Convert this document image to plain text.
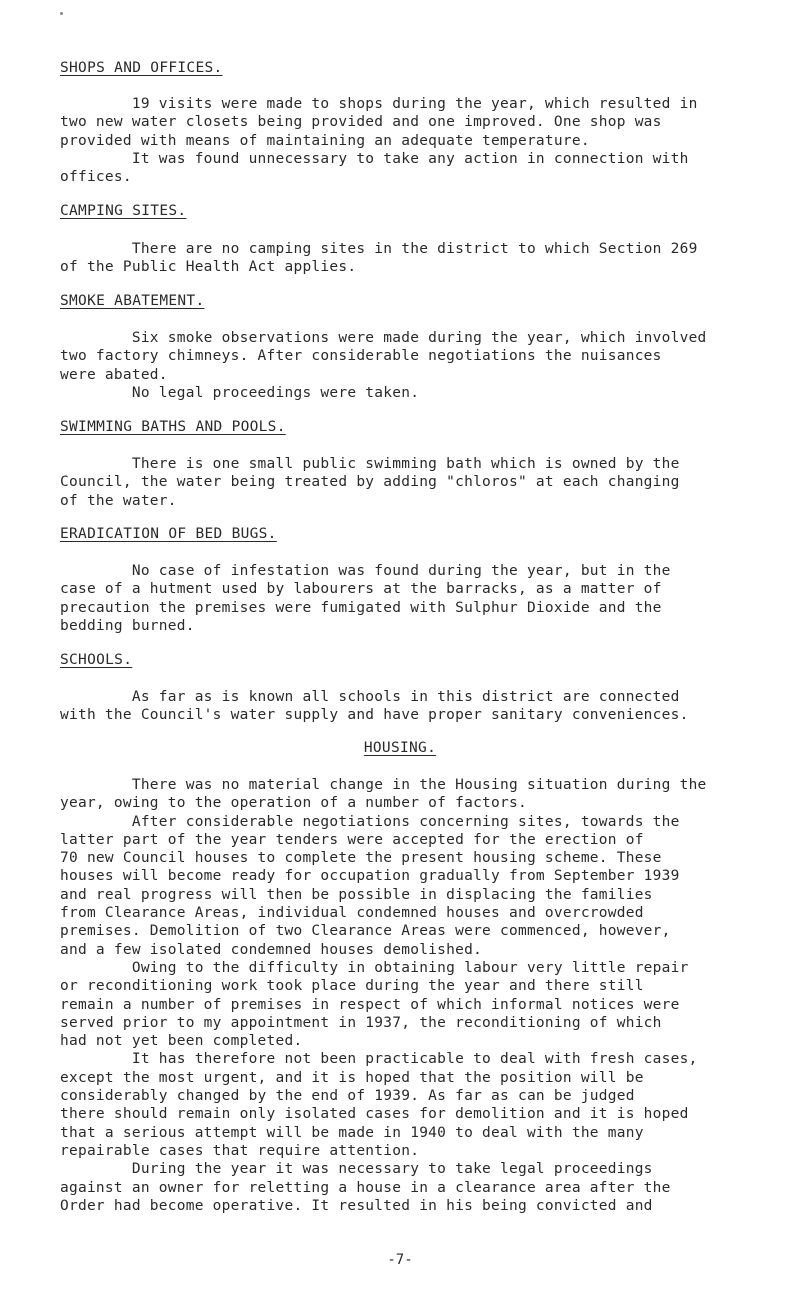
SHOPS AND OFFICES.
19 visits were made to shops during the year, which resulted in
two new water closets being provided and one improved. One shop was
provided with means of maintaining an adequate temperature.
It was found unnecessary to take any action in connection with
offices.
CAMPING SITES.
There are no camping sites in the district to which Section 269
of the Public Health Act applies.
SMOKE ABATEMENT.
Six smoke observations were made during the year, which involved
two factory chimneys. After considerable negotiations the nuisances
were abated.
No legal proceedings were taken.
SWIMMING BATHS AND POOLS.
There is one small public swimming bath which is owned by the
Council, the water being treated by adding "chloros" at each changing
of the water.
ERADICATION OF BED BUGS.
No case of infestation was found during the year, but in the
case of a hutment used by labourers at the barracks, as a matter of
precaution the premises were fumigated with Sulphur Dioxide and the
bedding burned.
SCHOOLS.
As far as is known all schools in this district are connected
with the Council's water supply and have proper sanitary conveniences.
HOUSING.
There was no material change in the Housing situation during the
year, owing to the operation of a number of factors.
After considerable negotiations concerning sites, towards the
latter part of the year tenders were accepted for the erection of
70 new Council houses to complete the present housing scheme. These
houses will become ready for occupation gradually from September 1939
and real progress will then be possible in displacing the families
from Clearance Areas, individual condemned houses and overcrowded
premises. Demolition of two Clearance Areas were commenced, however,
and a few isolated condemned houses demolished.
Owing to the difficulty in obtaining labour very little repair
or reconditioning work took place during the year and there still
remain a number of premises in respect of which informal notices were
served prior to my appointment in 1937, the reconditioning of which
had not yet been completed.
It has therefore not been practicable to deal with fresh cases,
except the most urgent, and it is hoped that the position will be
considerably changed by the end of 1939. As far as can be judged
there should remain only isolated cases for demolition and it is hoped
that a serious attempt will be made in 1940 to deal with the many
repairable cases that require attention.
During the year it was necessary to take legal proceedings
against an owner for reletting a house in a clearance area after the
Order had become operative. It resulted in his being convicted and
-7-
